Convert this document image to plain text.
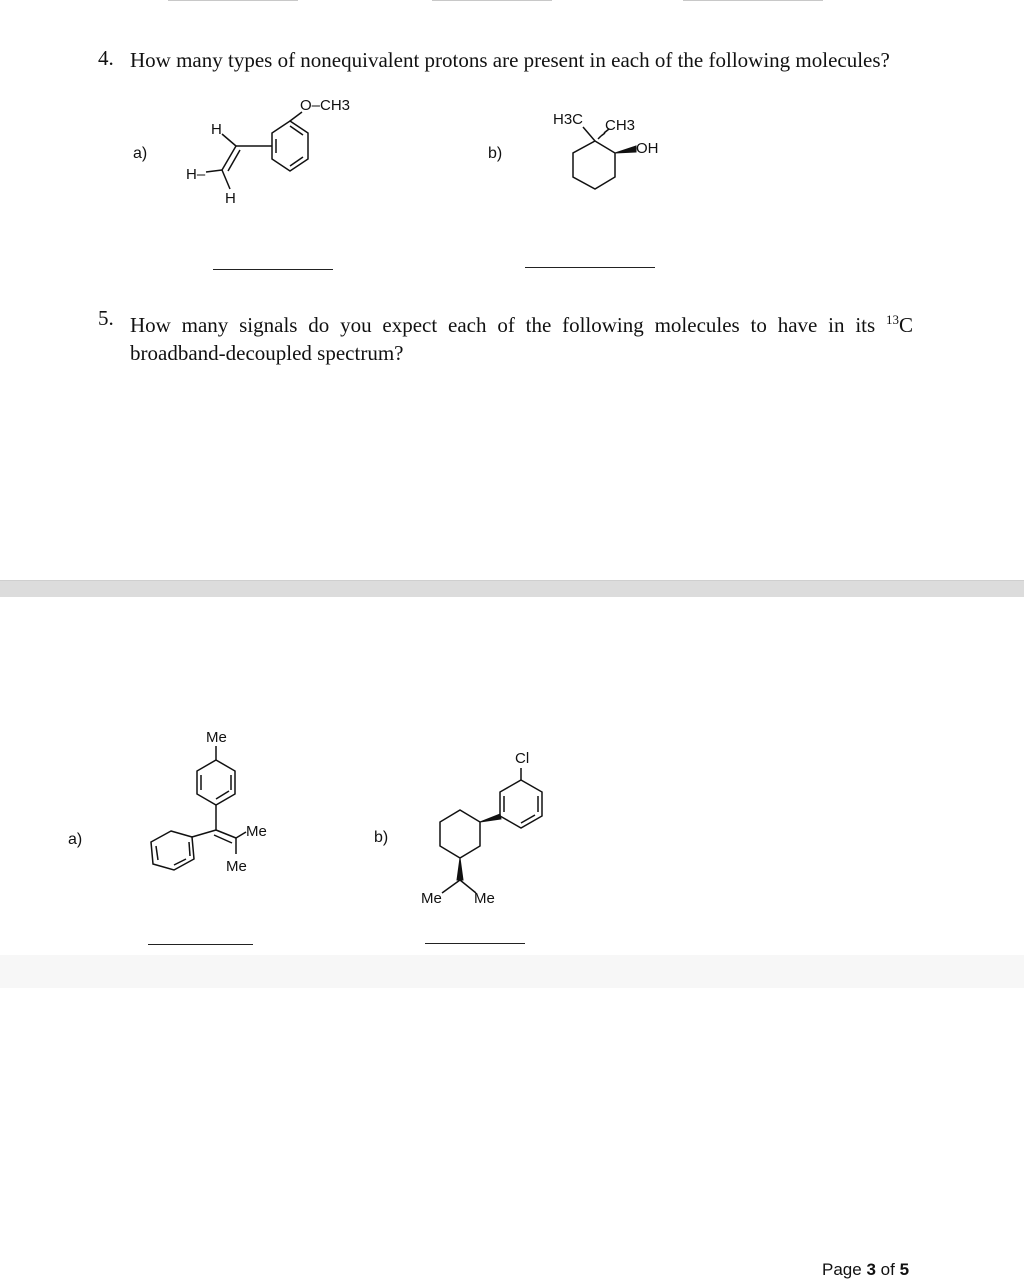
4. How many types of nonequivalent protons are present in each of the following molecules?
a)	b)
O–CH3
H
H–
H
H3C CH3
OH
5. How many signals do you expect each of the following molecules to have in its $^{13}$C broadband-decoupled spectrum?
Page 3 of 5
a)	b)
Me
Me
Me
Cl
Me Me
